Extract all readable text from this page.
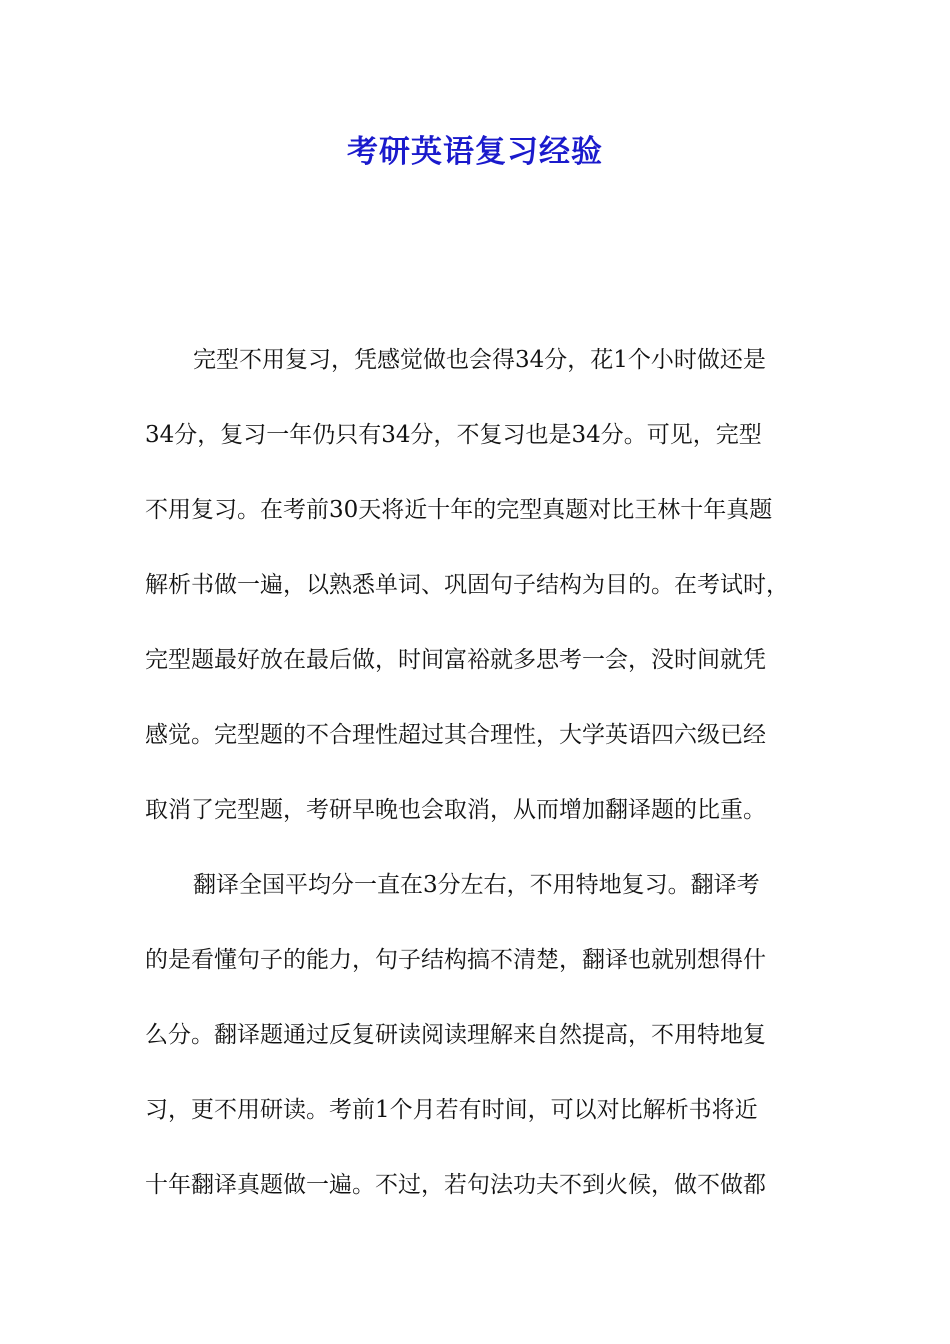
考研英语复习经验

完型不用复习，凭感觉做也会得34分，花1个小时做还是

34分，复习一年仍只有34分，不复习也是34分。可见，完型

不用复习。在考前30天将近十年的完型真题对比王林十年真题

解析书做一遍，以熟悉单词、巩固句子结构为目的。在考试时，

完型题最好放在最后做，时间富裕就多思考一会，没时间就凭

感觉。完型题的不合理性超过其合理性，大学英语四六级已经

取消了完型题，考研早晚也会取消，从而增加翻译题的比重。

翻译全国平均分一直在3分左右，不用特地复习。翻译考

的是看懂句子的能力，句子结构搞不清楚，翻译也就别想得什

么分。翻译题通过反复研读阅读理解来自然提高，不用特地复

习，更不用研读。考前1个月若有时间，可以对比解析书将近

十年翻译真题做一遍。不过，若句法功夫不到火候，做不做都
